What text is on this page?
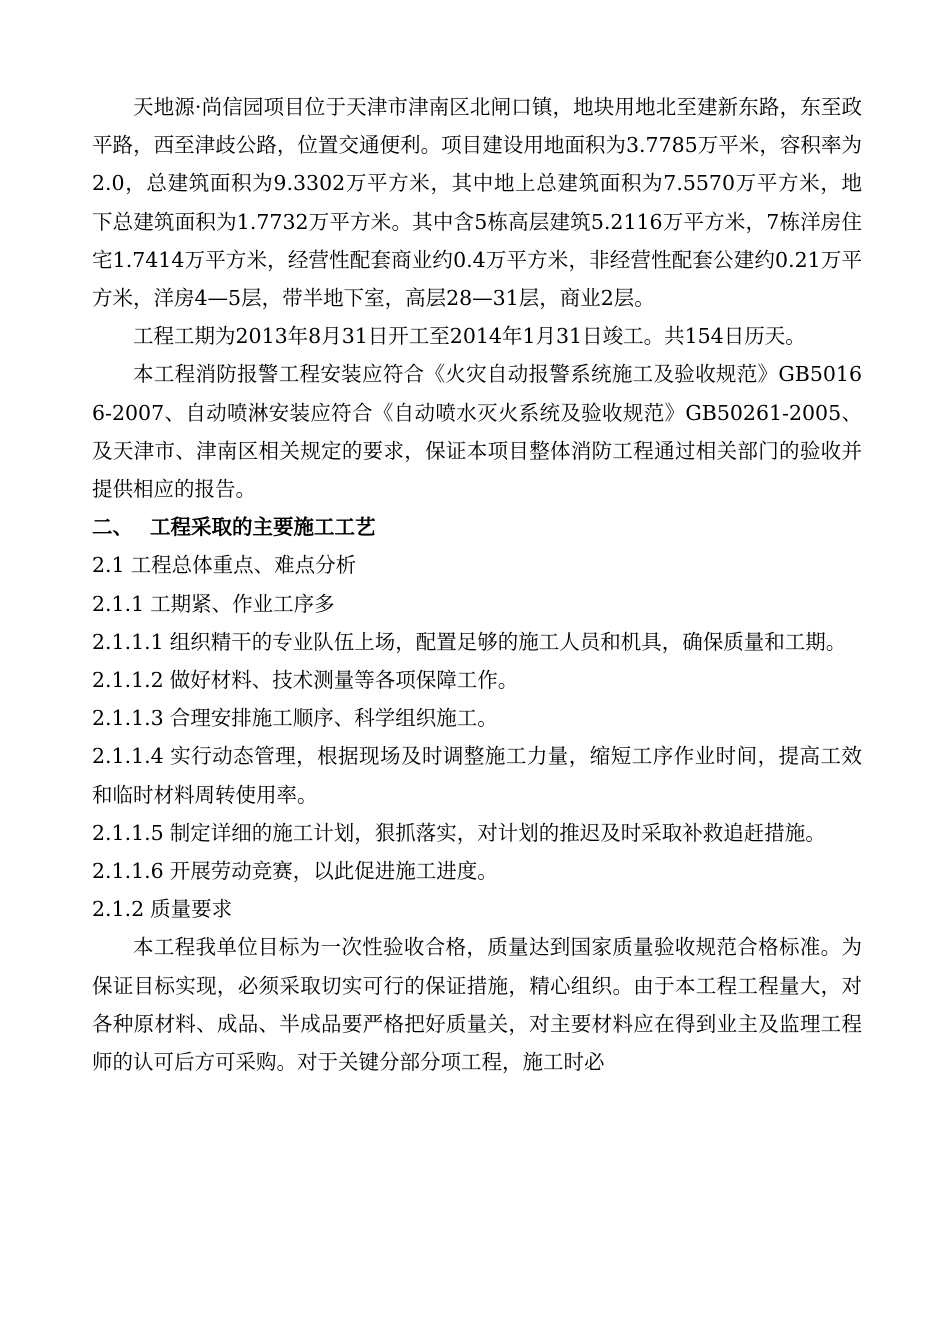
天地源·尚信园项目位于天津市津南区北闸口镇，地块用地北至建新东路，东至政平路，西至津歧公路，位置交通便利。项目建设用地面积为3.7785万平米，容积率为2.0，总建筑面积为9.3302万平方米，其中地上总建筑面积为7.5570万平方米，地下总建筑面积为1.7732万平方米。其中含5栋高层建筑5.2116万平方米，7栋洋房住宅1.7414万平方米，经营性配套商业约0.4万平方米，非经营性配套公建约0.21万平方米，洋房4—5层，带半地下室，高层28—31层，商业2层。

工程工期为2013年8月31日开工至2014年1月31日竣工。共154日历天。

本工程消防报警工程安装应符合《火灾自动报警系统施工及验收规范》GB50166-2007、自动喷淋安装应符合《自动喷水灭火系统及验收规范》GB50261-2005、及天津市、津南区相关规定的要求，保证本项目整体消防工程通过相关部门的验收并提供相应的报告。

二、 工程采取的主要施工工艺
2.1 工程总体重点、难点分析
2.1.1 工期紧、作业工序多
2.1.1.1 组织精干的专业队伍上场，配置足够的施工人员和机具，确保质量和工期。
2.1.1.2 做好材料、技术测量等各项保障工作。
2.1.1.3 合理安排施工顺序、科学组织施工。
2.1.1.4 实行动态管理，根据现场及时调整施工力量，缩短工序作业时间，提高工效和临时材料周转使用率。
2.1.1.5 制定详细的施工计划，狠抓落实，对计划的推迟及时采取补救追赶措施。
2.1.1.6 开展劳动竞赛，以此促进施工进度。
2.1.2 质量要求

本工程我单位目标为一次性验收合格，质量达到国家质量验收规范合格标准。为保证目标实现，必须采取切实可行的保证措施，精心组织。由于本工程工程量大，对各种原材料、成品、半成品要严格把好质量关，对主要材料应在得到业主及监理工程师的认可后方可采购。对于关键分部分项工程，施工时必
